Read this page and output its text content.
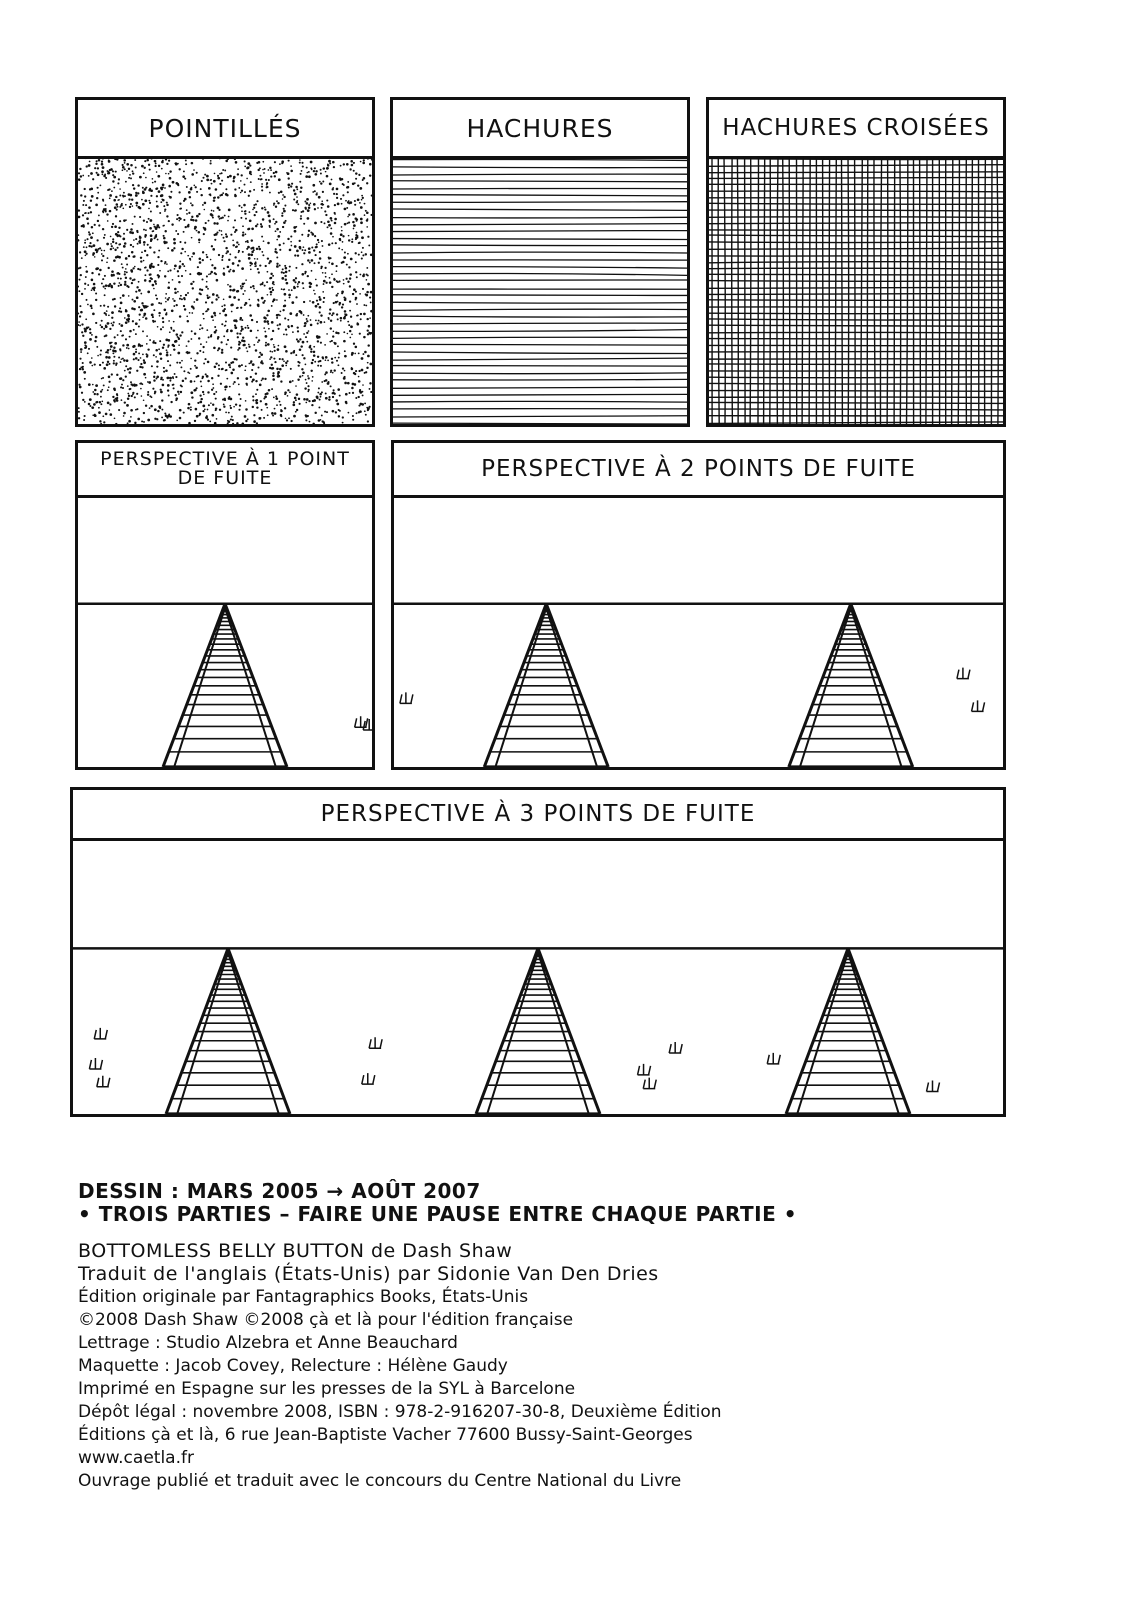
POINTILLÉS	HACHURES	HACHURES CROISÉES
PERSPECTIVE À 1 POINT DE FUITE	PERSPECTIVE À 2 POINTS DE FUITE
PERSPECTIVE À 3 POINTS DE FUITE
DESSIN : MARS 2005 → AOÛT 2007
• TROIS PARTIES – FAIRE UNE PAUSE ENTRE CHAQUE PARTIE •
BOTTOMLESS BELLY BUTTON de Dash Shaw
Traduit de l'anglais (États-Unis) par Sidonie Van Den Dries
Édition originale par Fantagraphics Books, États-Unis
©2008 Dash Shaw ©2008 çà et là pour l'édition française
Lettrage : Studio Alzebra et Anne Beauchard
Maquette : Jacob Covey, Relecture : Hélène Gaudy
Imprimé en Espagne sur les presses de la SYL à Barcelone
Dépôt légal : novembre 2008, ISBN : 978-2-916207-30-8, Deuxième Édition
Éditions çà et là, 6 rue Jean-Baptiste Vacher 77600 Bussy-Saint-Georges
www.caetla.fr
Ouvrage publié et traduit avec le concours du Centre National du Livre
